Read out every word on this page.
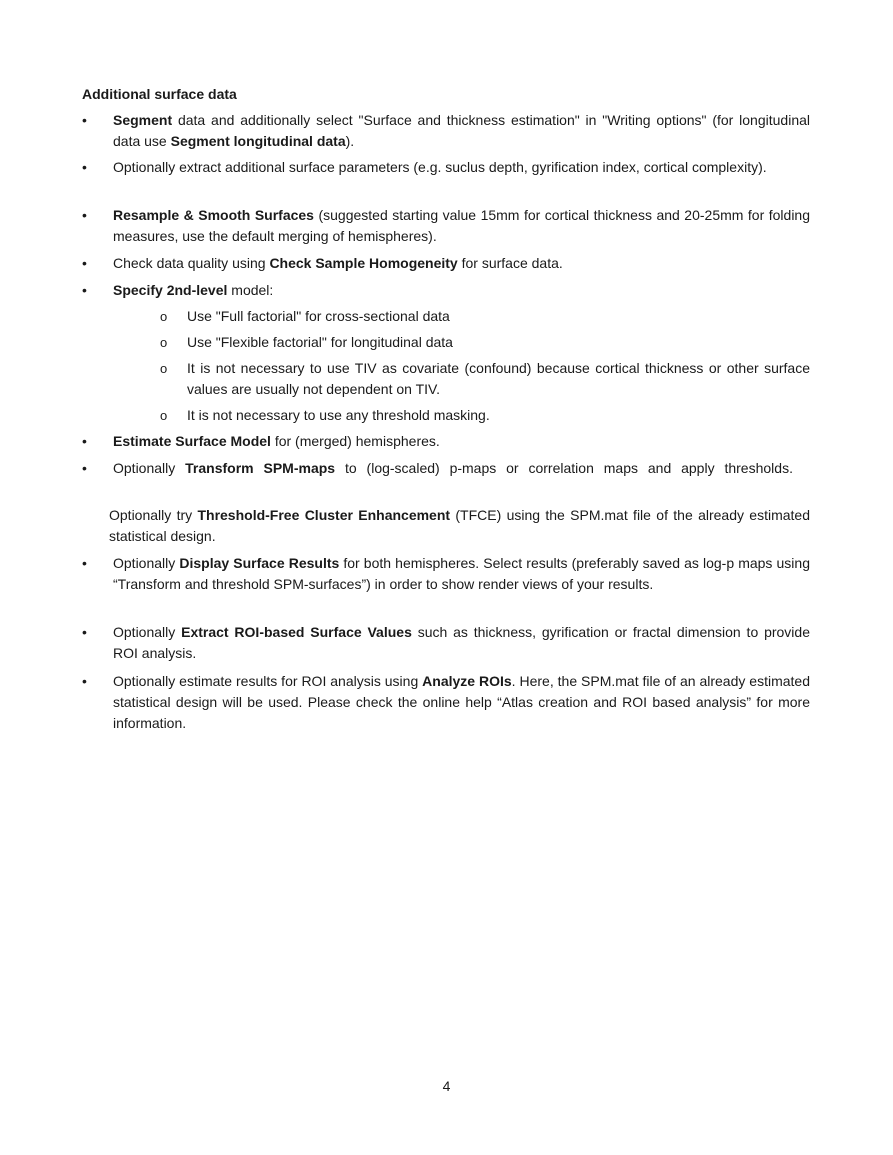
Additional surface data
•	Segment data and additionally select "Surface and thickness estimation" in "Writing options" (for longitudinal data use Segment longitudinal data).
•	Optionally extract additional surface parameters (e.g. suclus depth, gyrification index, cortical complexity).
•	Resample & Smooth Surfaces (suggested starting value 15mm for cortical thickness and 20-25mm for folding measures, use the default merging of hemispheres).
•	Check data quality using Check Sample Homogeneity for surface data.
•	Specify 2nd-level model:
o	Use "Full factorial" for cross-sectional data
o	Use "Flexible factorial" for longitudinal data
o	It is not necessary to use TIV as covariate (confound) because cortical thickness or other surface values are usually not dependent on TIV.
o	It is not necessary to use any threshold masking.
•	Estimate Surface Model for (merged) hemispheres.
•	Optionally Transform SPM-maps to (log-scaled) p-maps or correlation maps and apply thresholds.
Optionally try Threshold-Free Cluster Enhancement (TFCE) using the SPM.mat file of the already estimated statistical design.
•	Optionally Display Surface Results for both hemispheres. Select results (preferably saved as log-p maps using “Transform and threshold SPM-surfaces”) in order to show render views of your results.
•	Optionally Extract ROI-based Surface Values such as thickness, gyrification or fractal dimension to provide ROI analysis.
•	Optionally estimate results for ROI analysis using Analyze ROIs. Here, the SPM.mat file of an already estimated statistical design will be used. Please check the online help “Atlas creation and ROI based analysis” for more information.
4
